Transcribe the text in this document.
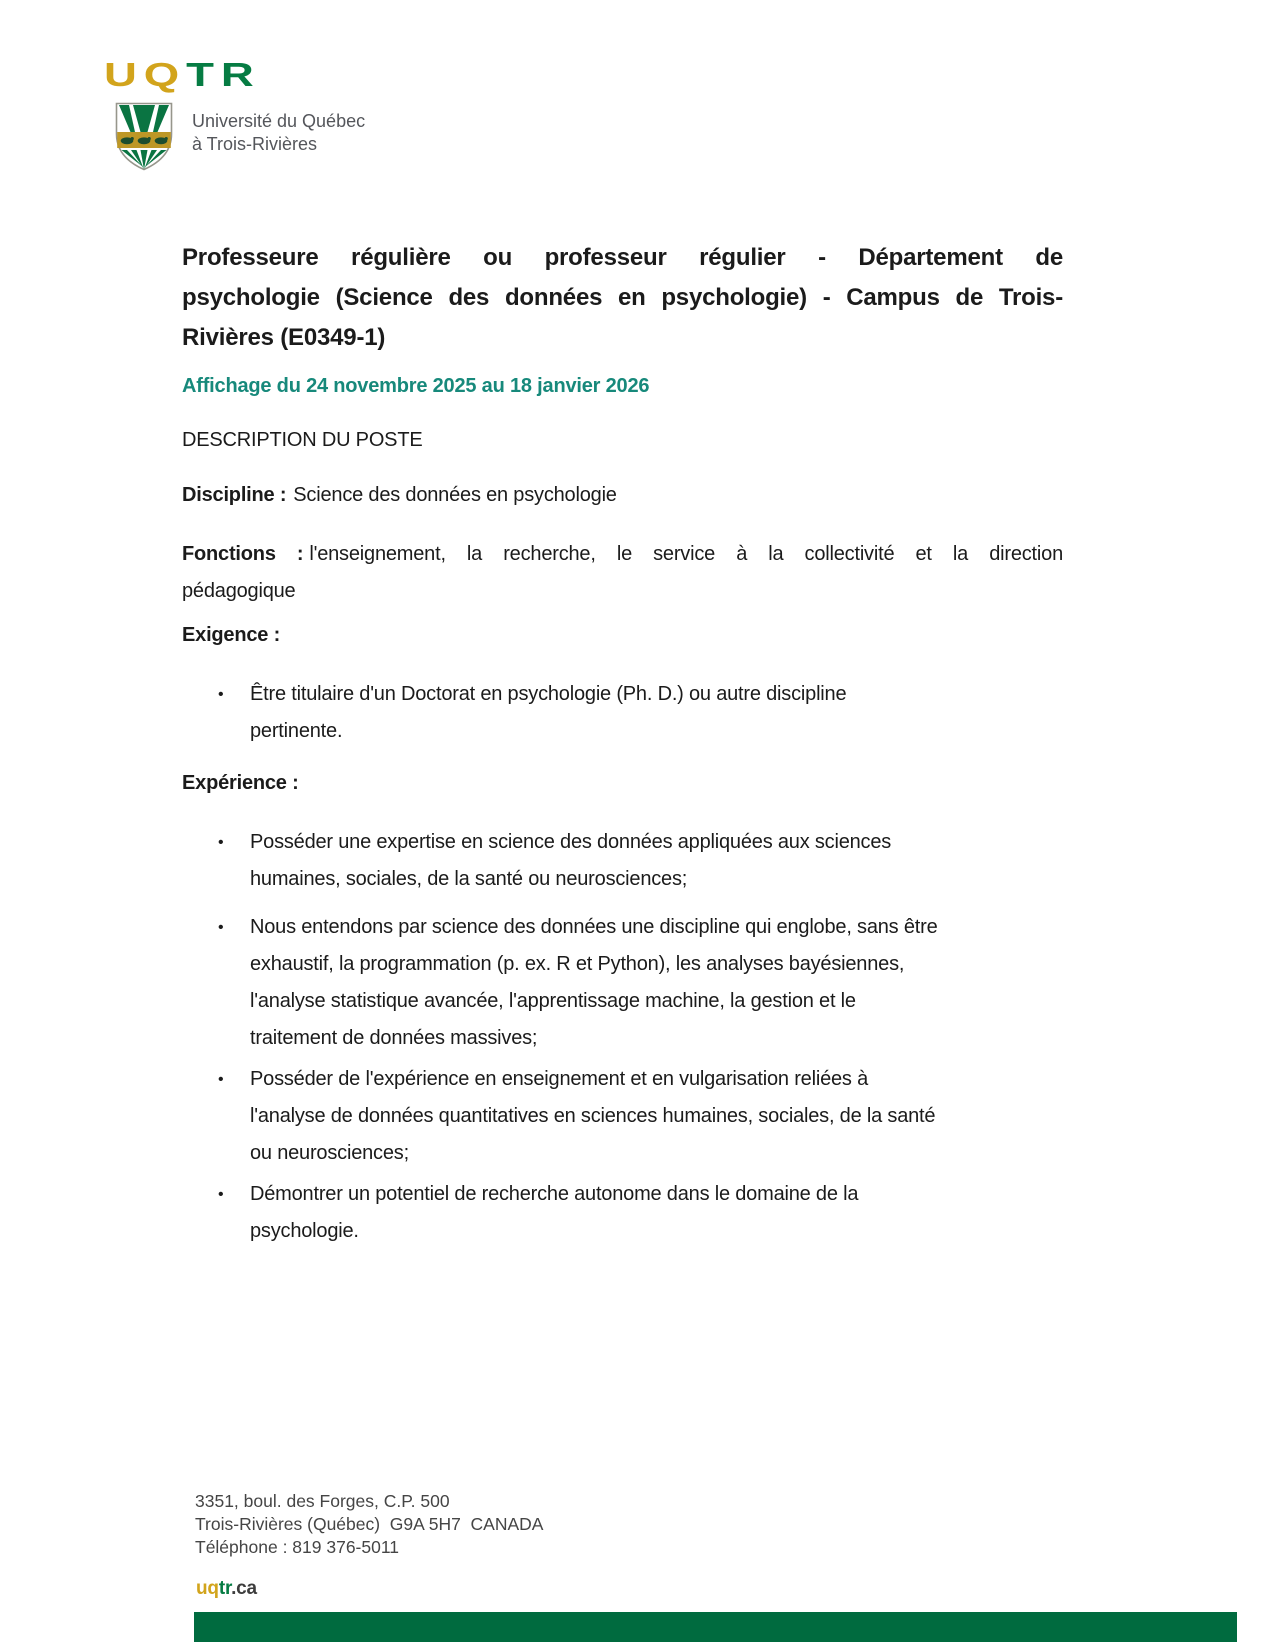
UQTR
Université du Québec
à Trois-Rivières
Professeure régulière ou professeur régulier - Département de
psychologie (Science des données en psychologie) - Campus de Trois-
Rivières (E0349-1)
Affichage du 24 novembre 2025 au 18 janvier 2026
DESCRIPTION DU POSTE
Discipline : Science des données en psychologie
Fonctions : l'enseignement, la recherche, le service à la collectivité et la direction
pédagogique
Exigence :
• Être titulaire d'un Doctorat en psychologie (Ph. D.) ou autre discipline
pertinente.
Expérience :
• Posséder une expertise en science des données appliquées aux sciences
humaines, sociales, de la santé ou neurosciences;
• Nous entendons par science des données une discipline qui englobe, sans être
exhaustif, la programmation (p. ex. R et Python), les analyses bayésiennes,
l'analyse statistique avancée, l'apprentissage machine, la gestion et le
traitement de données massives;
• Posséder de l'expérience en enseignement et en vulgarisation reliées à
l'analyse de données quantitatives en sciences humaines, sociales, de la santé
ou neurosciences;
• Démontrer un potentiel de recherche autonome dans le domaine de la
psychologie.
3351, boul. des Forges, C.P. 500
Trois-Rivières (Québec)  G9A 5H7  CANADA
Téléphone : 819 376-5011
uqtr.ca
